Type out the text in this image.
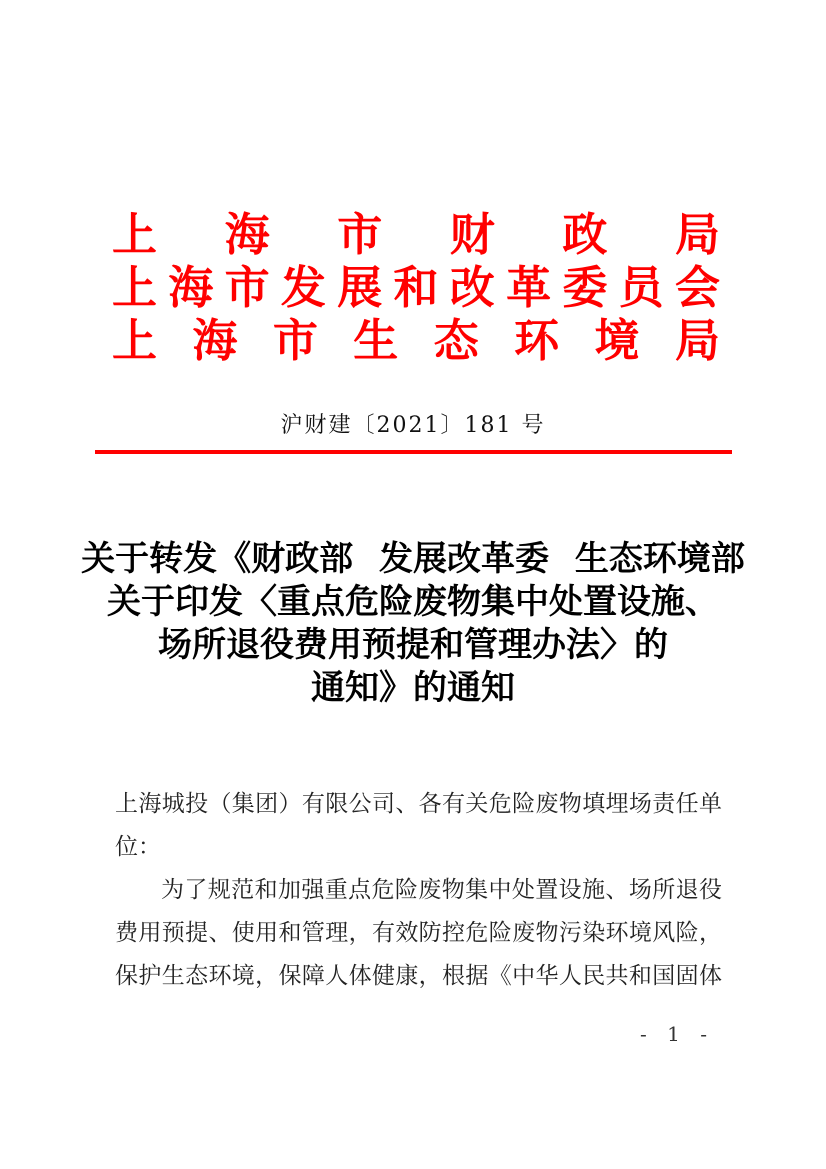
上 海 市 财 政 局
上 海 市 发 展 和 改 革 委 员 会
上 海 市 生 态 环 境 局
沪财建〔2021〕181 号
关于转发《财政部 发展改革委 生态环境部
关于印发〈重点危险废物集中处置设施、
场所退役费用预提和管理办法〉的
通知》的通知
上海城投（集团）有限公司、各有关危险废物填埋场责任单
位：
为了规范和加强重点危险废物集中处置设施、场所退役
费用预提、使用和管理，有效防控危险废物污染环境风险，
保护生态环境，保障人体健康，根据《中华人民共和国固体
- 1 -
